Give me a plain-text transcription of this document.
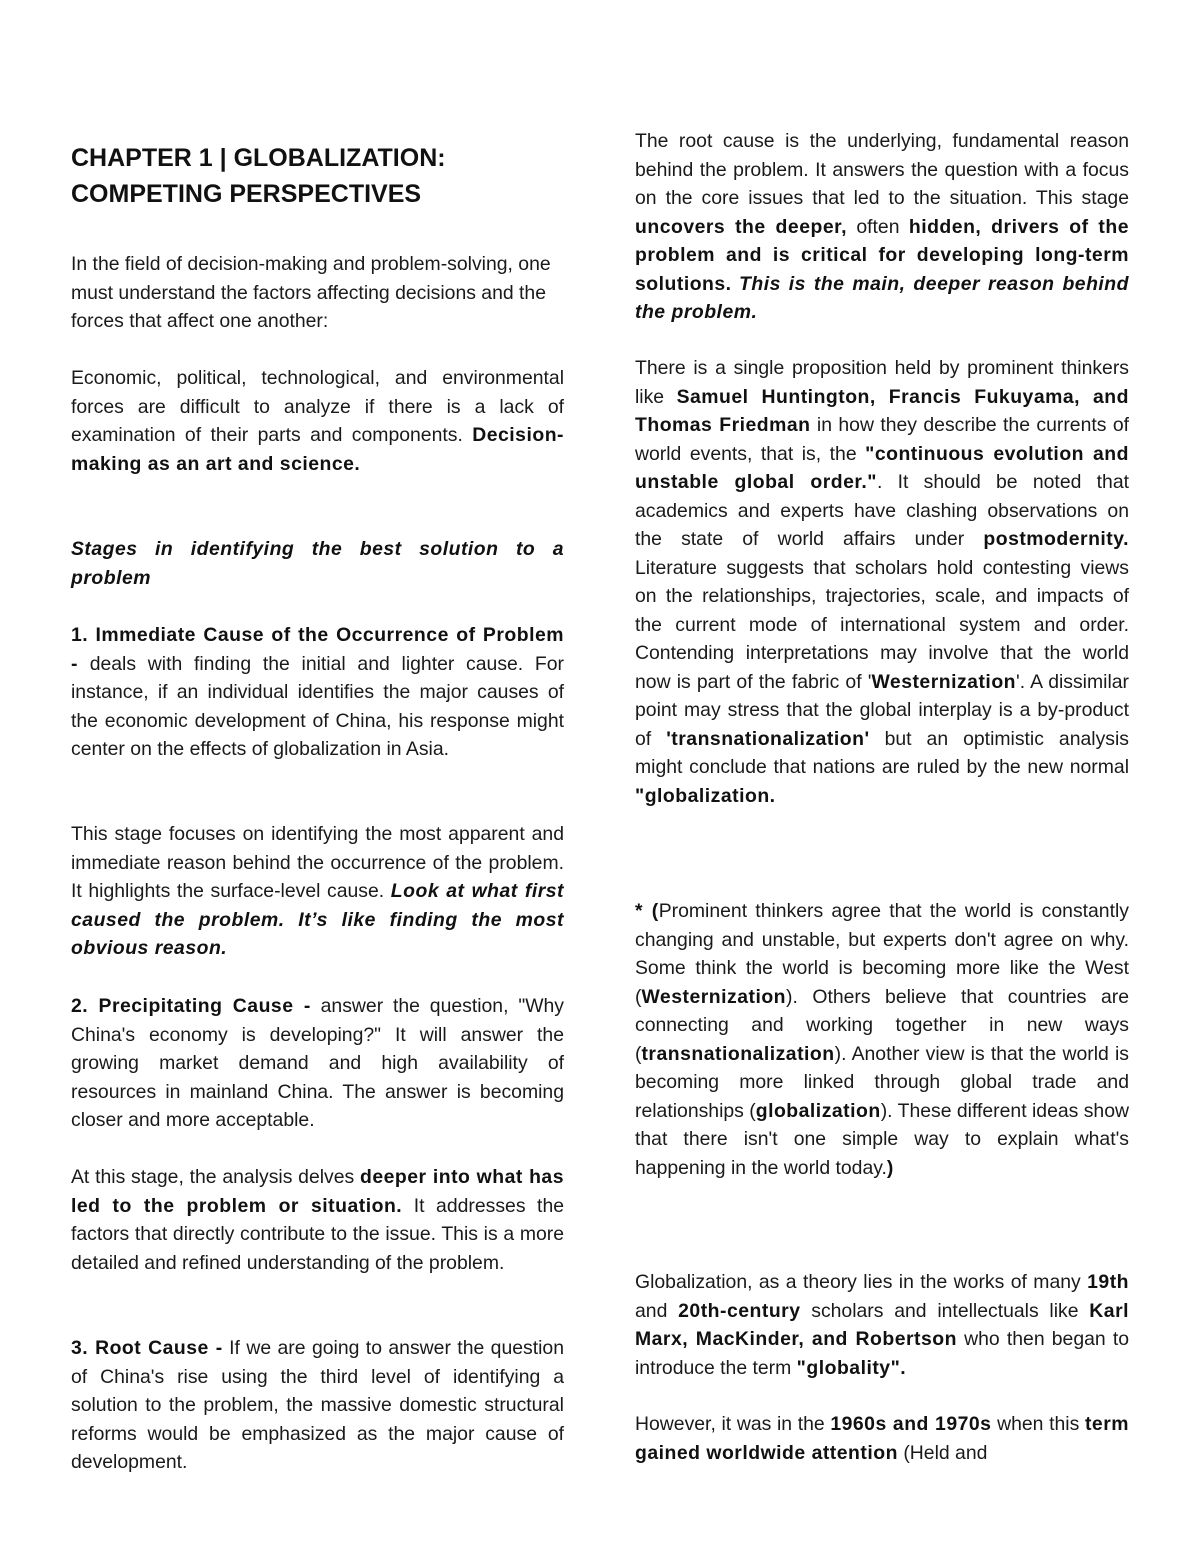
CHAPTER 1 | GLOBALIZATION:
COMPETING PERSPECTIVES

In the field of decision-making and problem-solving, one must understand the factors affecting decisions and the forces that affect one another:

Economic, political, technological, and environmental forces are difficult to analyze if there is a lack of examination of their parts and components. Decision-making as an art and science.

Stages in identifying the best solution to a problem

1. Immediate Cause of the Occurrence of Problem - deals with finding the initial and lighter cause. For instance, if an individual identifies the major causes of the economic development of China, his response might center on the effects of globalization in Asia.

This stage focuses on identifying the most apparent and immediate reason behind the occurrence of the problem. It highlights the surface-level cause. Look at what first caused the problem. It’s like finding the most obvious reason.

2. Precipitating Cause - answer the question, "Why China's economy is developing?" It will answer the growing market demand and high availability of resources in mainland China. The answer is becoming closer and more acceptable.

At this stage, the analysis delves deeper into what has led to the problem or situation. It addresses the factors that directly contribute to the issue. This is a more detailed and refined understanding of the problem.

3. Root Cause - If we are going to answer the question of China's rise using the third level of identifying a solution to the problem, the massive domestic structural reforms would be emphasized as the major cause of development.

The root cause is the underlying, fundamental reason behind the problem. It answers the question with a focus on the core issues that led to the situation. This stage uncovers the deeper, often hidden, drivers of the problem and is critical for developing long-term solutions. This is the main, deeper reason behind the problem.

There is a single proposition held by prominent thinkers like Samuel Huntington, Francis Fukuyama, and Thomas Friedman in how they describe the currents of world events, that is, the "continuous evolution and unstable global order.". It should be noted that academics and experts have clashing observations on the state of world affairs under postmodernity. Literature suggests that scholars hold contesting views on the relationships, trajectories, scale, and impacts of the current mode of international system and order. Contending interpretations may involve that the world now is part of the fabric of 'Westernization'. A dissimilar point may stress that the global interplay is a by-product of 'transnationalization' but an optimistic analysis might conclude that nations are ruled by the new normal "globalization.

* (Prominent thinkers agree that the world is constantly changing and unstable, but experts don't agree on why. Some think the world is becoming more like the West (Westernization). Others believe that countries are connecting and working together in new ways (transnationalization). Another view is that the world is becoming more linked through global trade and relationships (globalization). These different ideas show that there isn't one simple way to explain what's happening in the world today.)

Globalization, as a theory lies in the works of many 19th and 20th-century scholars and intellectuals like Karl Marx, MacKinder, and Robertson who then began to introduce the term "globality".

However, it was in the 1960s and 1970s when this term gained worldwide attention (Held and
